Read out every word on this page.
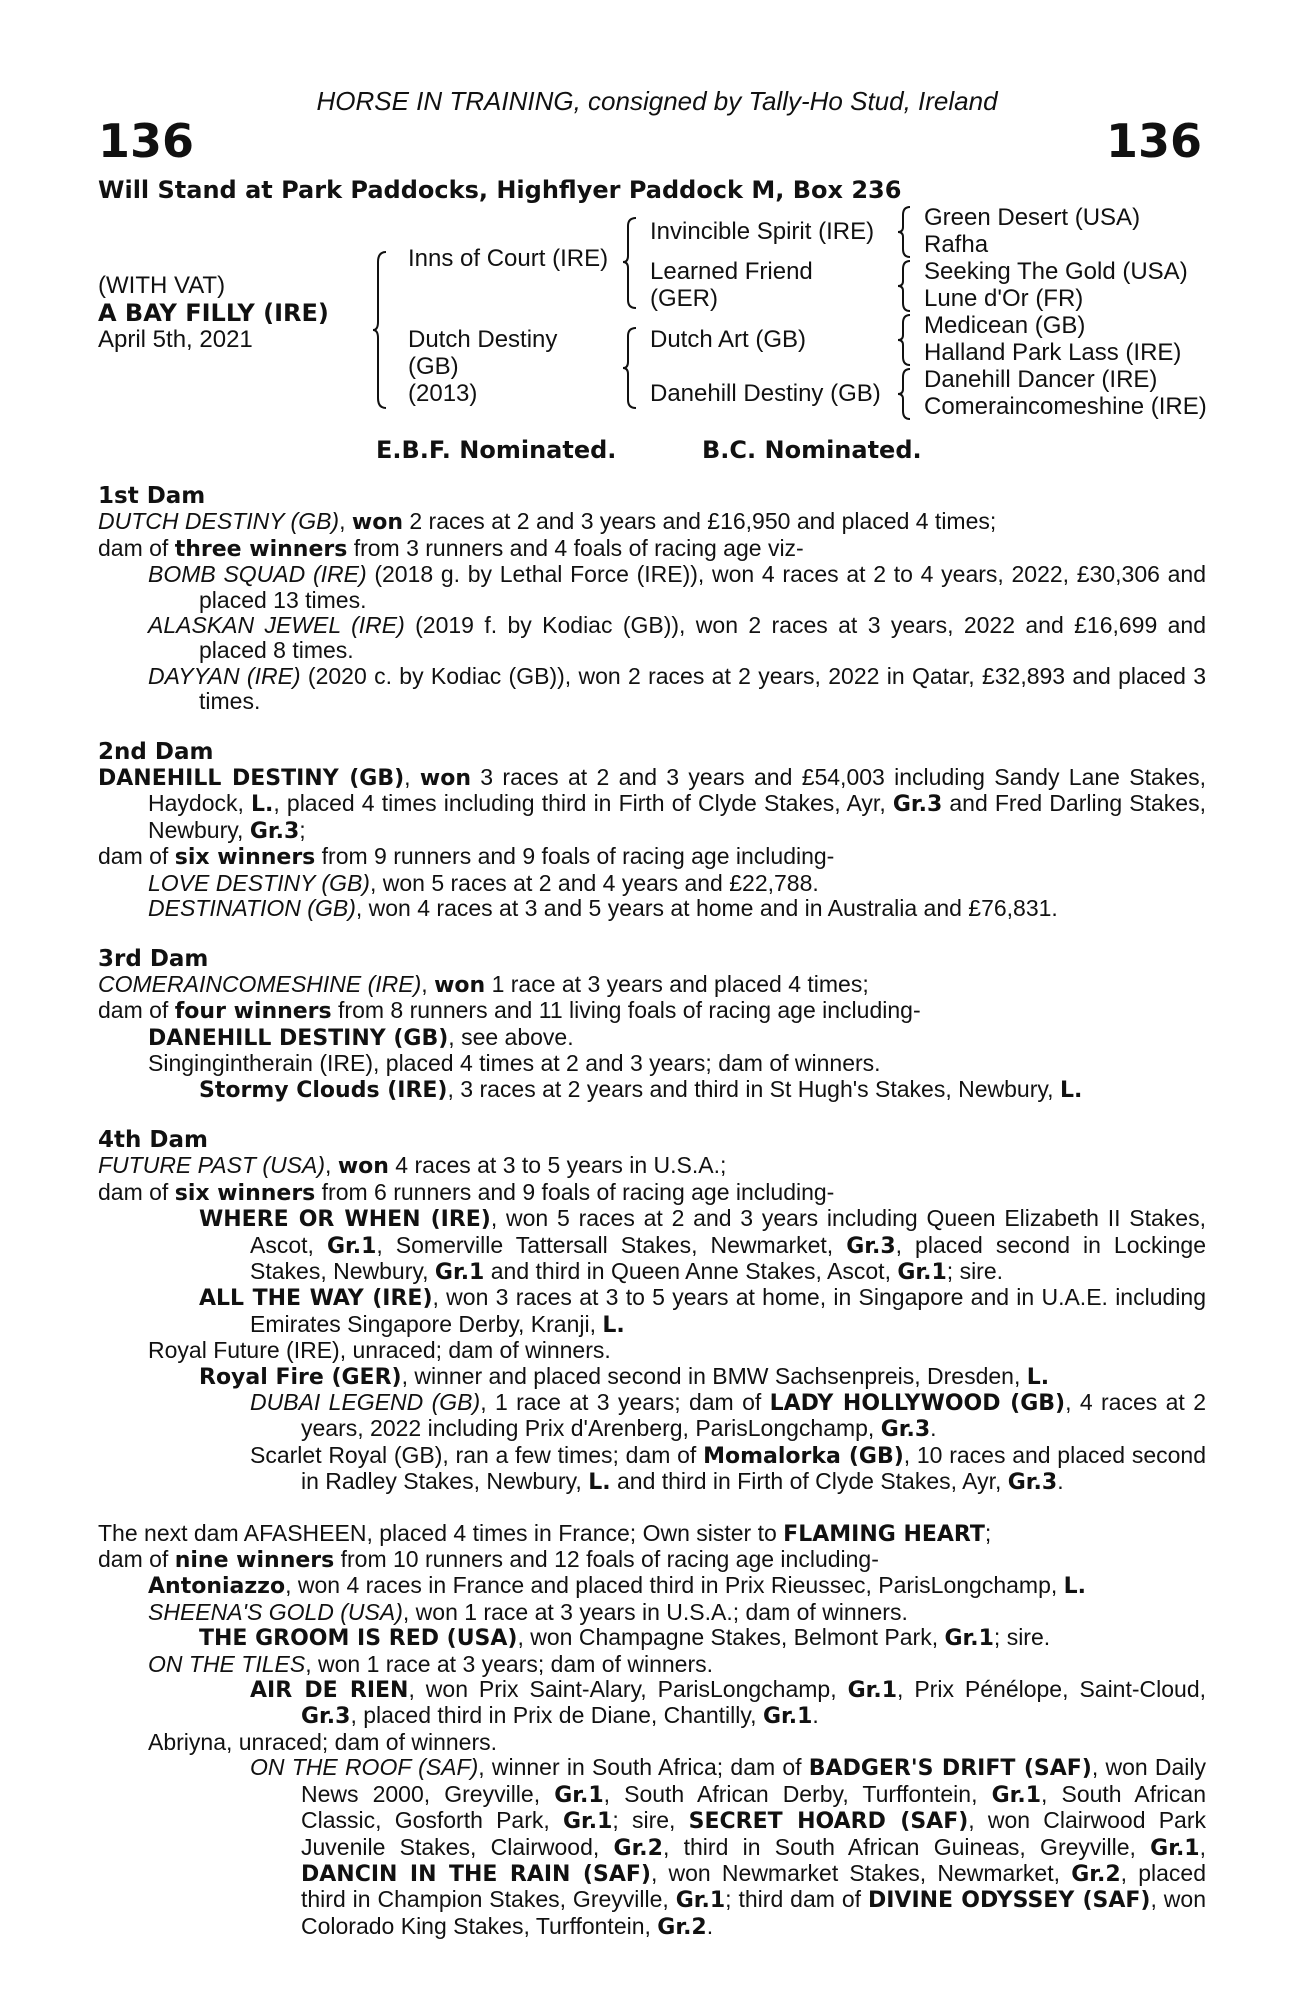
HORSE IN TRAINING, consigned by Tally-Ho Stud, Ireland
136	136
Will Stand at Park Paddocks, Highflyer Paddock M, Box 236
(WITH VAT)
A BAY FILLY (IRE)
April 5th, 2021
Inns of Court (IRE)
Dutch Destiny
(GB)
(2013)
Invincible Spirit (IRE)
Learned Friend
(GER)
Dutch Art (GB)
Danehill Destiny (GB)
Green Desert (USA)
Rafha
Seeking The Gold (USA)
Lune d'Or (FR)
Medicean (GB)
Halland Park Lass (IRE)
Danehill Dancer (IRE)
Comeraincomeshine (IRE)
E.B.F. Nominated.	B.C. Nominated.
1st Dam
DUTCH DESTINY (GB), won 2 races at 2 and 3 years and £16,950 and placed 4 times;
dam of three winners from 3 runners and 4 foals of racing age viz-
BOMB SQUAD (IRE) (2018 g. by Lethal Force (IRE)), won 4 races at 2 to 4 years, 2022, £30,306 and placed 13 times.
ALASKAN JEWEL (IRE) (2019 f. by Kodiac (GB)), won 2 races at 3 years, 2022 and £16,699 and placed 8 times.
DAYYAN (IRE) (2020 c. by Kodiac (GB)), won 2 races at 2 years, 2022 in Qatar, £32,893 and placed 3 times.
2nd Dam
DANEHILL DESTINY (GB), won 3 races at 2 and 3 years and £54,003 including Sandy Lane Stakes, Haydock, L., placed 4 times including third in Firth of Clyde Stakes, Ayr, Gr.3 and Fred Darling Stakes, Newbury, Gr.3;
dam of six winners from 9 runners and 9 foals of racing age including-
LOVE DESTINY (GB), won 5 races at 2 and 4 years and £22,788.
DESTINATION (GB), won 4 races at 3 and 5 years at home and in Australia and £76,831.
3rd Dam
COMERAINCOMESHINE (IRE), won 1 race at 3 years and placed 4 times;
dam of four winners from 8 runners and 11 living foals of racing age including-
DANEHILL DESTINY (GB), see above.
Singingintherain (IRE), placed 4 times at 2 and 3 years; dam of winners.
Stormy Clouds (IRE), 3 races at 2 years and third in St Hugh's Stakes, Newbury, L.
4th Dam
FUTURE PAST (USA), won 4 races at 3 to 5 years in U.S.A.;
dam of six winners from 6 runners and 9 foals of racing age including-
WHERE OR WHEN (IRE), won 5 races at 2 and 3 years including Queen Elizabeth II Stakes, Ascot, Gr.1, Somerville Tattersall Stakes, Newmarket, Gr.3, placed second in Lockinge Stakes, Newbury, Gr.1 and third in Queen Anne Stakes, Ascot, Gr.1; sire.
ALL THE WAY (IRE), won 3 races at 3 to 5 years at home, in Singapore and in U.A.E. including Emirates Singapore Derby, Kranji, L.
Royal Future (IRE), unraced; dam of winners.
Royal Fire (GER), winner and placed second in BMW Sachsenpreis, Dresden, L.
DUBAI LEGEND (GB), 1 race at 3 years; dam of LADY HOLLYWOOD (GB), 4 races at 2 years, 2022 including Prix d'Arenberg, ParisLongchamp, Gr.3.
Scarlet Royal (GB), ran a few times; dam of Momalorka (GB), 10 races and placed second in Radley Stakes, Newbury, L. and third in Firth of Clyde Stakes, Ayr, Gr.3.
The next dam AFASHEEN, placed 4 times in France; Own sister to FLAMING HEART;
dam of nine winners from 10 runners and 12 foals of racing age including-
Antoniazzo, won 4 races in France and placed third in Prix Rieussec, ParisLongchamp, L.
SHEENA'S GOLD (USA), won 1 race at 3 years in U.S.A.; dam of winners.
THE GROOM IS RED (USA), won Champagne Stakes, Belmont Park, Gr.1; sire.
ON THE TILES, won 1 race at 3 years; dam of winners.
AIR DE RIEN, won Prix Saint-Alary, ParisLongchamp, Gr.1, Prix Pénélope, Saint-Cloud, Gr.3, placed third in Prix de Diane, Chantilly, Gr.1.
Abriyna, unraced; dam of winners.
ON THE ROOF (SAF), winner in South Africa; dam of BADGER'S DRIFT (SAF), won Daily News 2000, Greyville, Gr.1, South African Derby, Turffontein, Gr.1, South African Classic, Gosforth Park, Gr.1; sire, SECRET HOARD (SAF), won Clairwood Park Juvenile Stakes, Clairwood, Gr.2, third in South African Guineas, Greyville, Gr.1, DANCIN IN THE RAIN (SAF), won Newmarket Stakes, Newmarket, Gr.2, placed third in Champion Stakes, Greyville, Gr.1; third dam of DIVINE ODYSSEY (SAF), won Colorado King Stakes, Turffontein, Gr.2.
